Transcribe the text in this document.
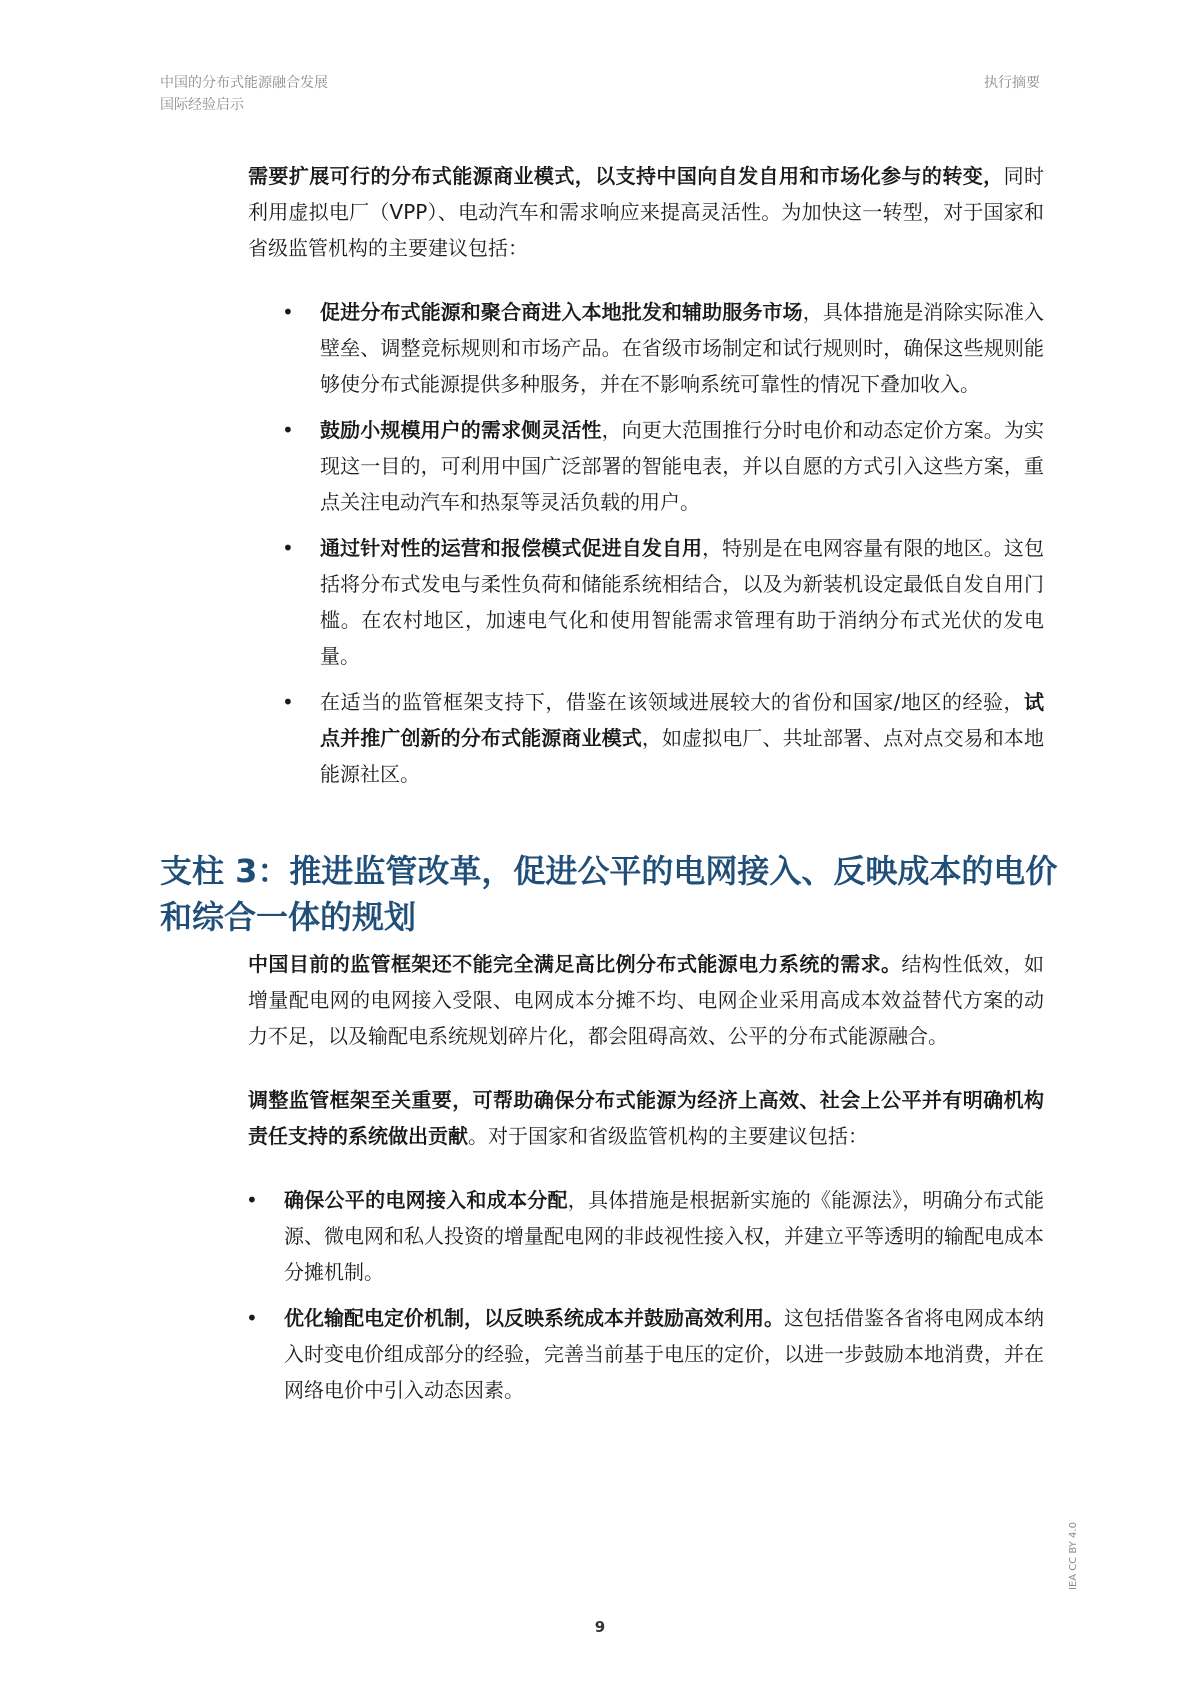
中国的分布式能源融合发展
国际经验启示
执行摘要

需要扩展可行的分布式能源商业模式，以支持中国向自发自用和市场化参与的转变，同时利用虚拟电厂（VPP）、电动汽车和需求响应来提高灵活性。为加快这一转型，对于国家和省级监管机构的主要建议包括：

• 促进分布式能源和聚合商进入本地批发和辅助服务市场，具体措施是消除实际准入壁垒、调整竞标规则和市场产品。在省级市场制定和试行规则时，确保这些规则能够使分布式能源提供多种服务，并在不影响系统可靠性的情况下叠加收入。
• 鼓励小规模用户的需求侧灵活性，向更大范围推行分时电价和动态定价方案。为实现这一目的，可利用中国广泛部署的智能电表，并以自愿的方式引入这些方案，重点关注电动汽车和热泵等灵活负载的用户。
• 通过针对性的运营和报偿模式促进自发自用，特别是在电网容量有限的地区。这包括将分布式发电与柔性负荷和储能系统相结合，以及为新装机设定最低自发自用门槛。在农村地区，加速电气化和使用智能需求管理有助于消纳分布式光伏的发电量。
• 在适当的监管框架支持下，借鉴在该领域进展较大的省份和国家/地区的经验，试点并推广创新的分布式能源商业模式，如虚拟电厂、共址部署、点对点交易和本地能源社区。
支柱 3：推进监管改革，促进公平的电网接入、反映成本的电价和综合一体的规划

中国目前的监管框架还不能完全满足高比例分布式能源电力系统的需求。结构性低效，如增量配电网的电网接入受限、电网成本分摊不均、电网企业采用高成本效益替代方案的动力不足，以及输配电系统规划碎片化，都会阻碍高效、公平的分布式能源融合。

调整监管框架至关重要，可帮助确保分布式能源为经济上高效、社会上公平并有明确机构责任支持的系统做出贡献。对于国家和省级监管机构的主要建议包括：

• 确保公平的电网接入和成本分配，具体措施是根据新实施的《能源法》，明确分布式能源、微电网和私人投资的增量配电网的非歧视性接入权，并建立平等透明的输配电成本分摊机制。
• 优化输配电定价机制，以反映系统成本并鼓励高效利用。这包括借鉴各省将电网成本纳入时变电价组成部分的经验，完善当前基于电压的定价，以进一步鼓励本地消费，并在网络电价中引入动态因素。
IEA CC BY 4.0
9
